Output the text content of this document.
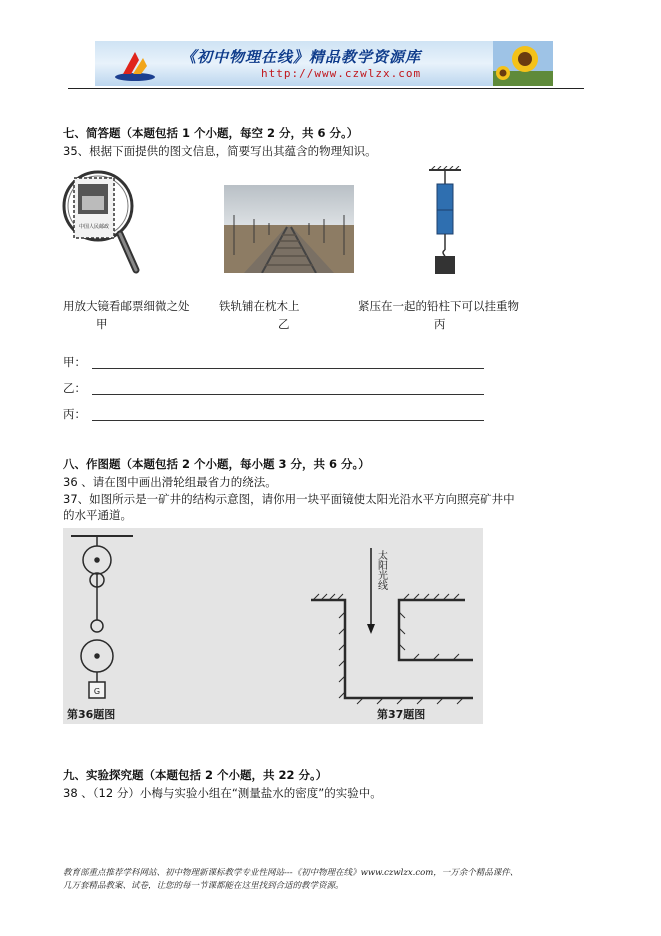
《初中物理在线》精品教学资源库
http://www.czwlzx.com
七、简答题（本题包括 1 个小题，每空 2 分，共 6 分。）
35、根据下面提供的图文信息，简要写出其蕴含的物理知识。
中国人民邮政
用放大镜看邮票细微之处
甲
铁轨铺在枕木上
乙
紧压在一起的铅柱下可以挂重物
丙
甲：
乙：
丙：
八、作图题（本题包括 2 个小题，每小题 3 分，共 6 分。）
36 、请在图中画出滑轮组最省力的绕法。
37、如图所示是一矿井的结构示意图，请你用一块平面镜使太阳光沿水平方向照亮矿井中
的水平通道。
G
第36题图
太阳光线
第37题图
九、实验探究题（本题包括 2 个小题，共 22 分。）
38 、（12 分）小梅与实验小组在“测量盐水的密度”的实验中。
教育部重点推荐学科网站、初中物理新课标教学专业性网站---《初中物理在线》www.czwlzx.com，一万余个精品课件、
几万套精品教案、试卷，让您的每一节课都能在这里找到合适的教学资源。
